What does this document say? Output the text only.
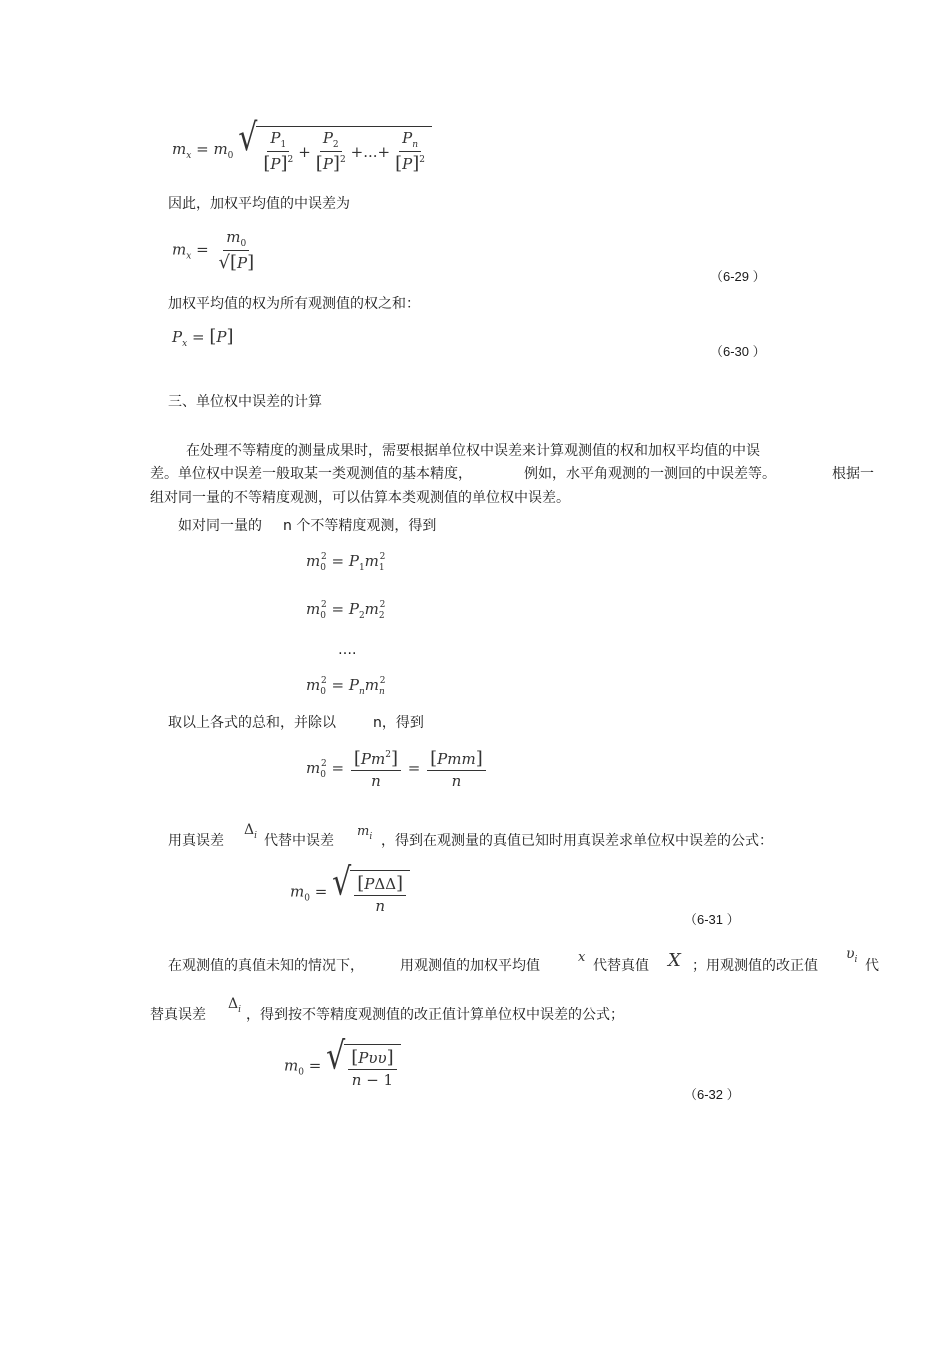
$m_x = m_0$ √ $\frac{P_1}{[P]^2} + \frac{P_2}{[P]^2}$ +...+ $\frac{P_n}{[P]^2}$
因此，加权平均值的中误差为
$m_x = \frac{m_0}{√[P]}$
（6-29 ）
加权平均值的权为所有观测值的权之和：
$P_x = [P]$
（6-30 ）
三、单位权中误差的计算
在处理不等精度的测量成果时，需要根据单位权中误差来计算观测值的权和加权平均值的中误
差。单位权中误差一般取某一类观测值的基本精度，	例如，水平角观测的一测回的中误差等。	根据一
组对同一量的不等精度观测，可以估算本类观测值的单位权中误差。
如对同一量的 n 个不等精度观测，得到
$m_0^2 = P_1m_1^2$
$m_0^2 = P_2m_2^2$
….
$m_0^2 = P_nm_n^2$
取以上各式的总和，并除以	n，得到
$m_0^2 = \frac{[Pm^2]}{n} = \frac{\text{[Pmm]}}{n}$
用真误差
$\Delta_i$ 代替中误差
$m_i$ ，得到在观测量的真值已知时用真误差求单位权中误差的公式：
$m_0$ = √ $\frac{\text{[PΔΔ]}}{n}$
（6-31 ）
在观测值的真值未知的情况下，	用观测值的加权平均值
x
代替真值 X ；用观测值的改正值
$\upsilon_i$ 代
替真误差
$\Delta_i$ ，得到按不等精度观测值的改正值计算单位权中误差的公式；
$m_0$ = √ $\frac{\text{[Pυυ]}}{n - 1}$
（6-32 ）
